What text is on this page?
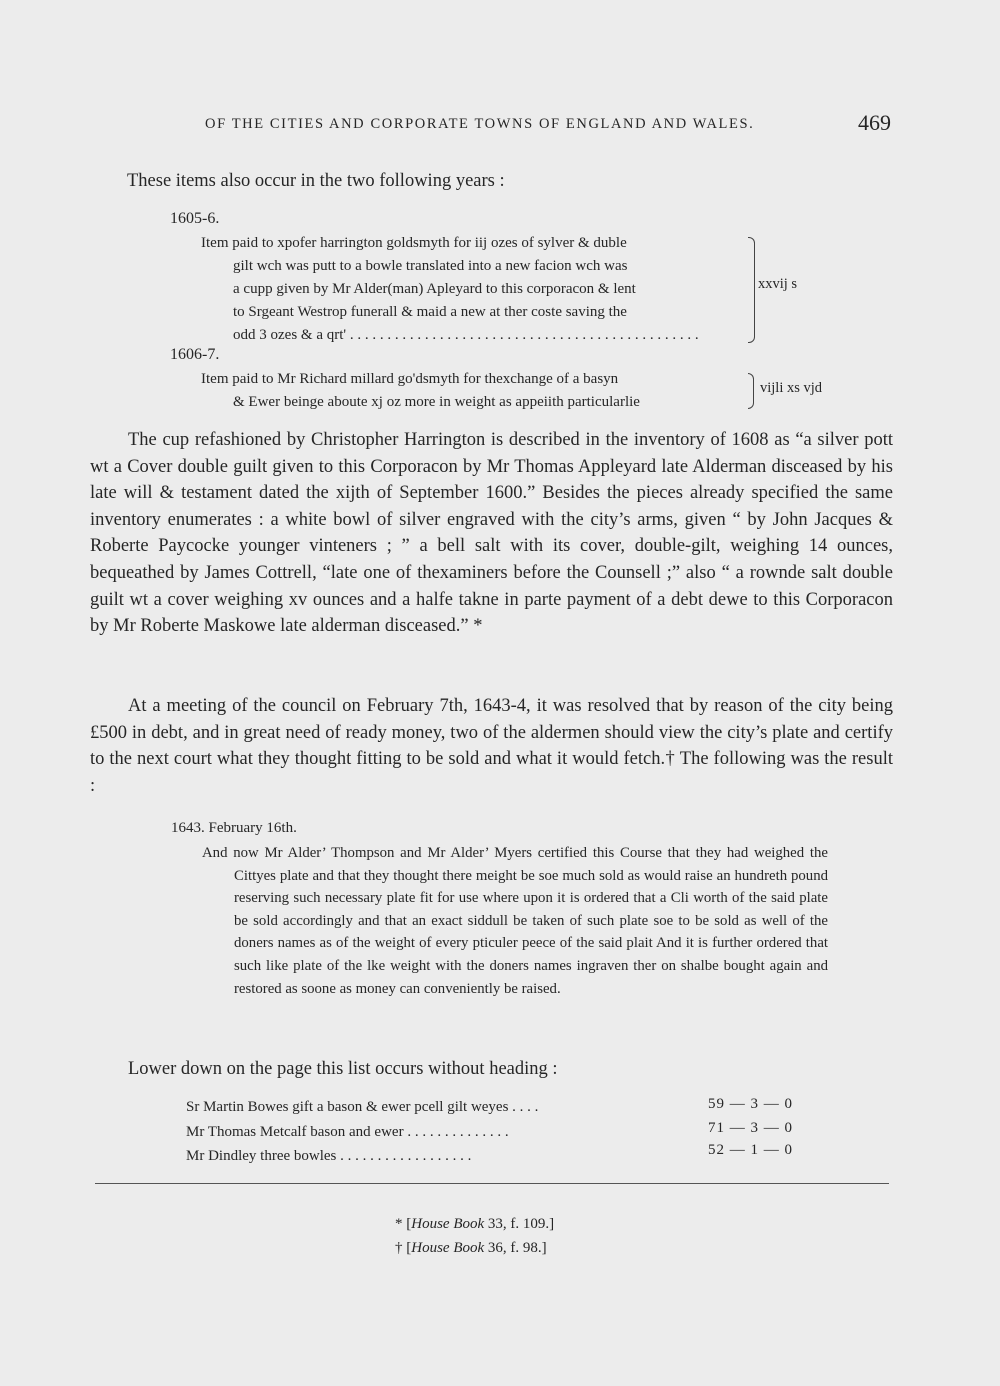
OF THE CITIES AND CORPORATE TOWNS OF ENGLAND AND WALES.	469
These items also occur in the two following years :
1605-6.
Item paid to xpofer harrington goldsmyth for iij ozes of sylver & duble
gilt wch was putt to a bowle translated into a new facion wch was
a cupp given by Mr Alder(man) Apleyard to this corporacon & lent
to Srgeant Westrop funerall & maid a new at ther coste saving the
odd 3 ozes & a qrt' . . . . . . . . . . . . . . . . . . . . . . . . . . . . . . . . . . . . . . . . . . . . . . .
xxvij s
1606-7.
Item paid to Mr Richard millard go'dsmyth for thexchange of a basyn
& Ewer beinge aboute xj oz more in weight as appeiith particularlie
vijli xs vjd

The cup refashioned by Christopher Harrington is described in the inventory of 1608 as “a silver pott wt a Cover double guilt given to this Corporacon by Mr Thomas Appleyard late Alderman disceased by his late will & testament dated the xijth of September 1600.” Besides the pieces already specified the same inventory enumerates : a white bowl of silver engraved with the city’s arms, given “ by John Jacques & Roberte Paycocke younger vinteners ; ” a bell salt with its cover, double-gilt, weighing 14 ounces, bequeathed by James Cottrell, “late one of thexaminers before the Counsell ;” also “ a rownde salt double guilt wt a cover weighing xv ounces and a halfe takne in parte payment of a debt dewe to this Corporacon by Mr Roberte Maskowe late alderman disceased.” *

At a meeting of the council on February 7th, 1643-4, it was resolved that by reason of the city being £500 in debt, and in great need of ready money, two of the aldermen should view the city’s plate and certify to the next court what they thought fitting to be sold and what it would fetch.† The following was the result :

1643. February 16th.
And now Mr Alder’ Thompson and Mr Alder’ Myers certified this Course that they had weighed the Cittyes plate and that they thought there meight be soe much sold as would raise an hundreth pound reserving such necessary plate fit for use where upon it is ordered that a Cli worth of the said plate be sold accordingly and that an exact siddull be taken of such plate soe to be sold as well of the doners names as of the weight of every pticuler peece of the said plait And it is further ordered that such like plate of the lke weight with the doners names ingraven ther on shalbe bought again and restored as soone as money can conveniently be raised.
Lower down on the page this list occurs without heading :
Sr Martin Bowes gift a bason & ewer pcell gilt weyes . . . .	59 — 3 — 0
Mr Thomas Metcalf bason and ewer . . . . . . . . . . . . . .	71 — 3 — 0
Mr Dindley three bowles . . . . . . . . . . . . . . . . . .	52 — 1 — 0
* [House Book 33, f. 109.]
† [House Book 36, f. 98.]
